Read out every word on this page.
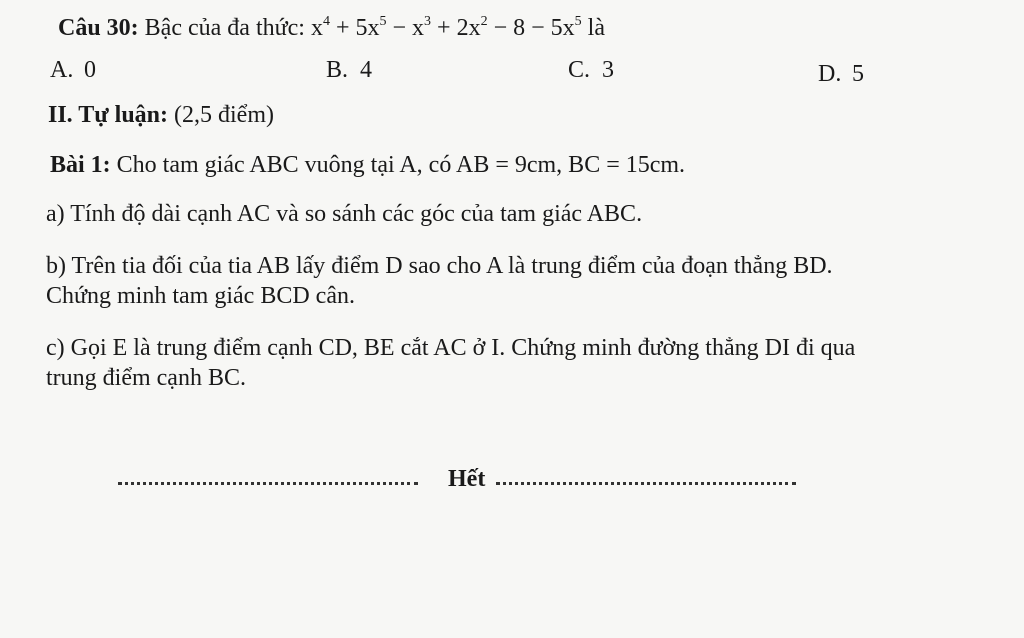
Câu 30: Bậc của đa thức: $x^4 + 5x^5 - x^3 + 2x^2 - 8 - 5x^5$ là
A. 0	B. 4	C. 3	D. 5
II. Tự luận: (2,5 điểm)
Bài 1: Cho tam giác ABC vuông tại A, có AB = 9cm, BC = 15cm.
a) Tính độ dài cạnh AC và so sánh các góc của tam giác ABC.
b) Trên tia đối của tia AB lấy điểm D sao cho A là trung điểm của đoạn thẳng BD.
Chứng minh tam giác BCD cân.
c) Gọi E là trung điểm cạnh CD, BE cắt AC ở I. Chứng minh đường thẳng DI đi qua
trung điểm cạnh BC.
Hết
